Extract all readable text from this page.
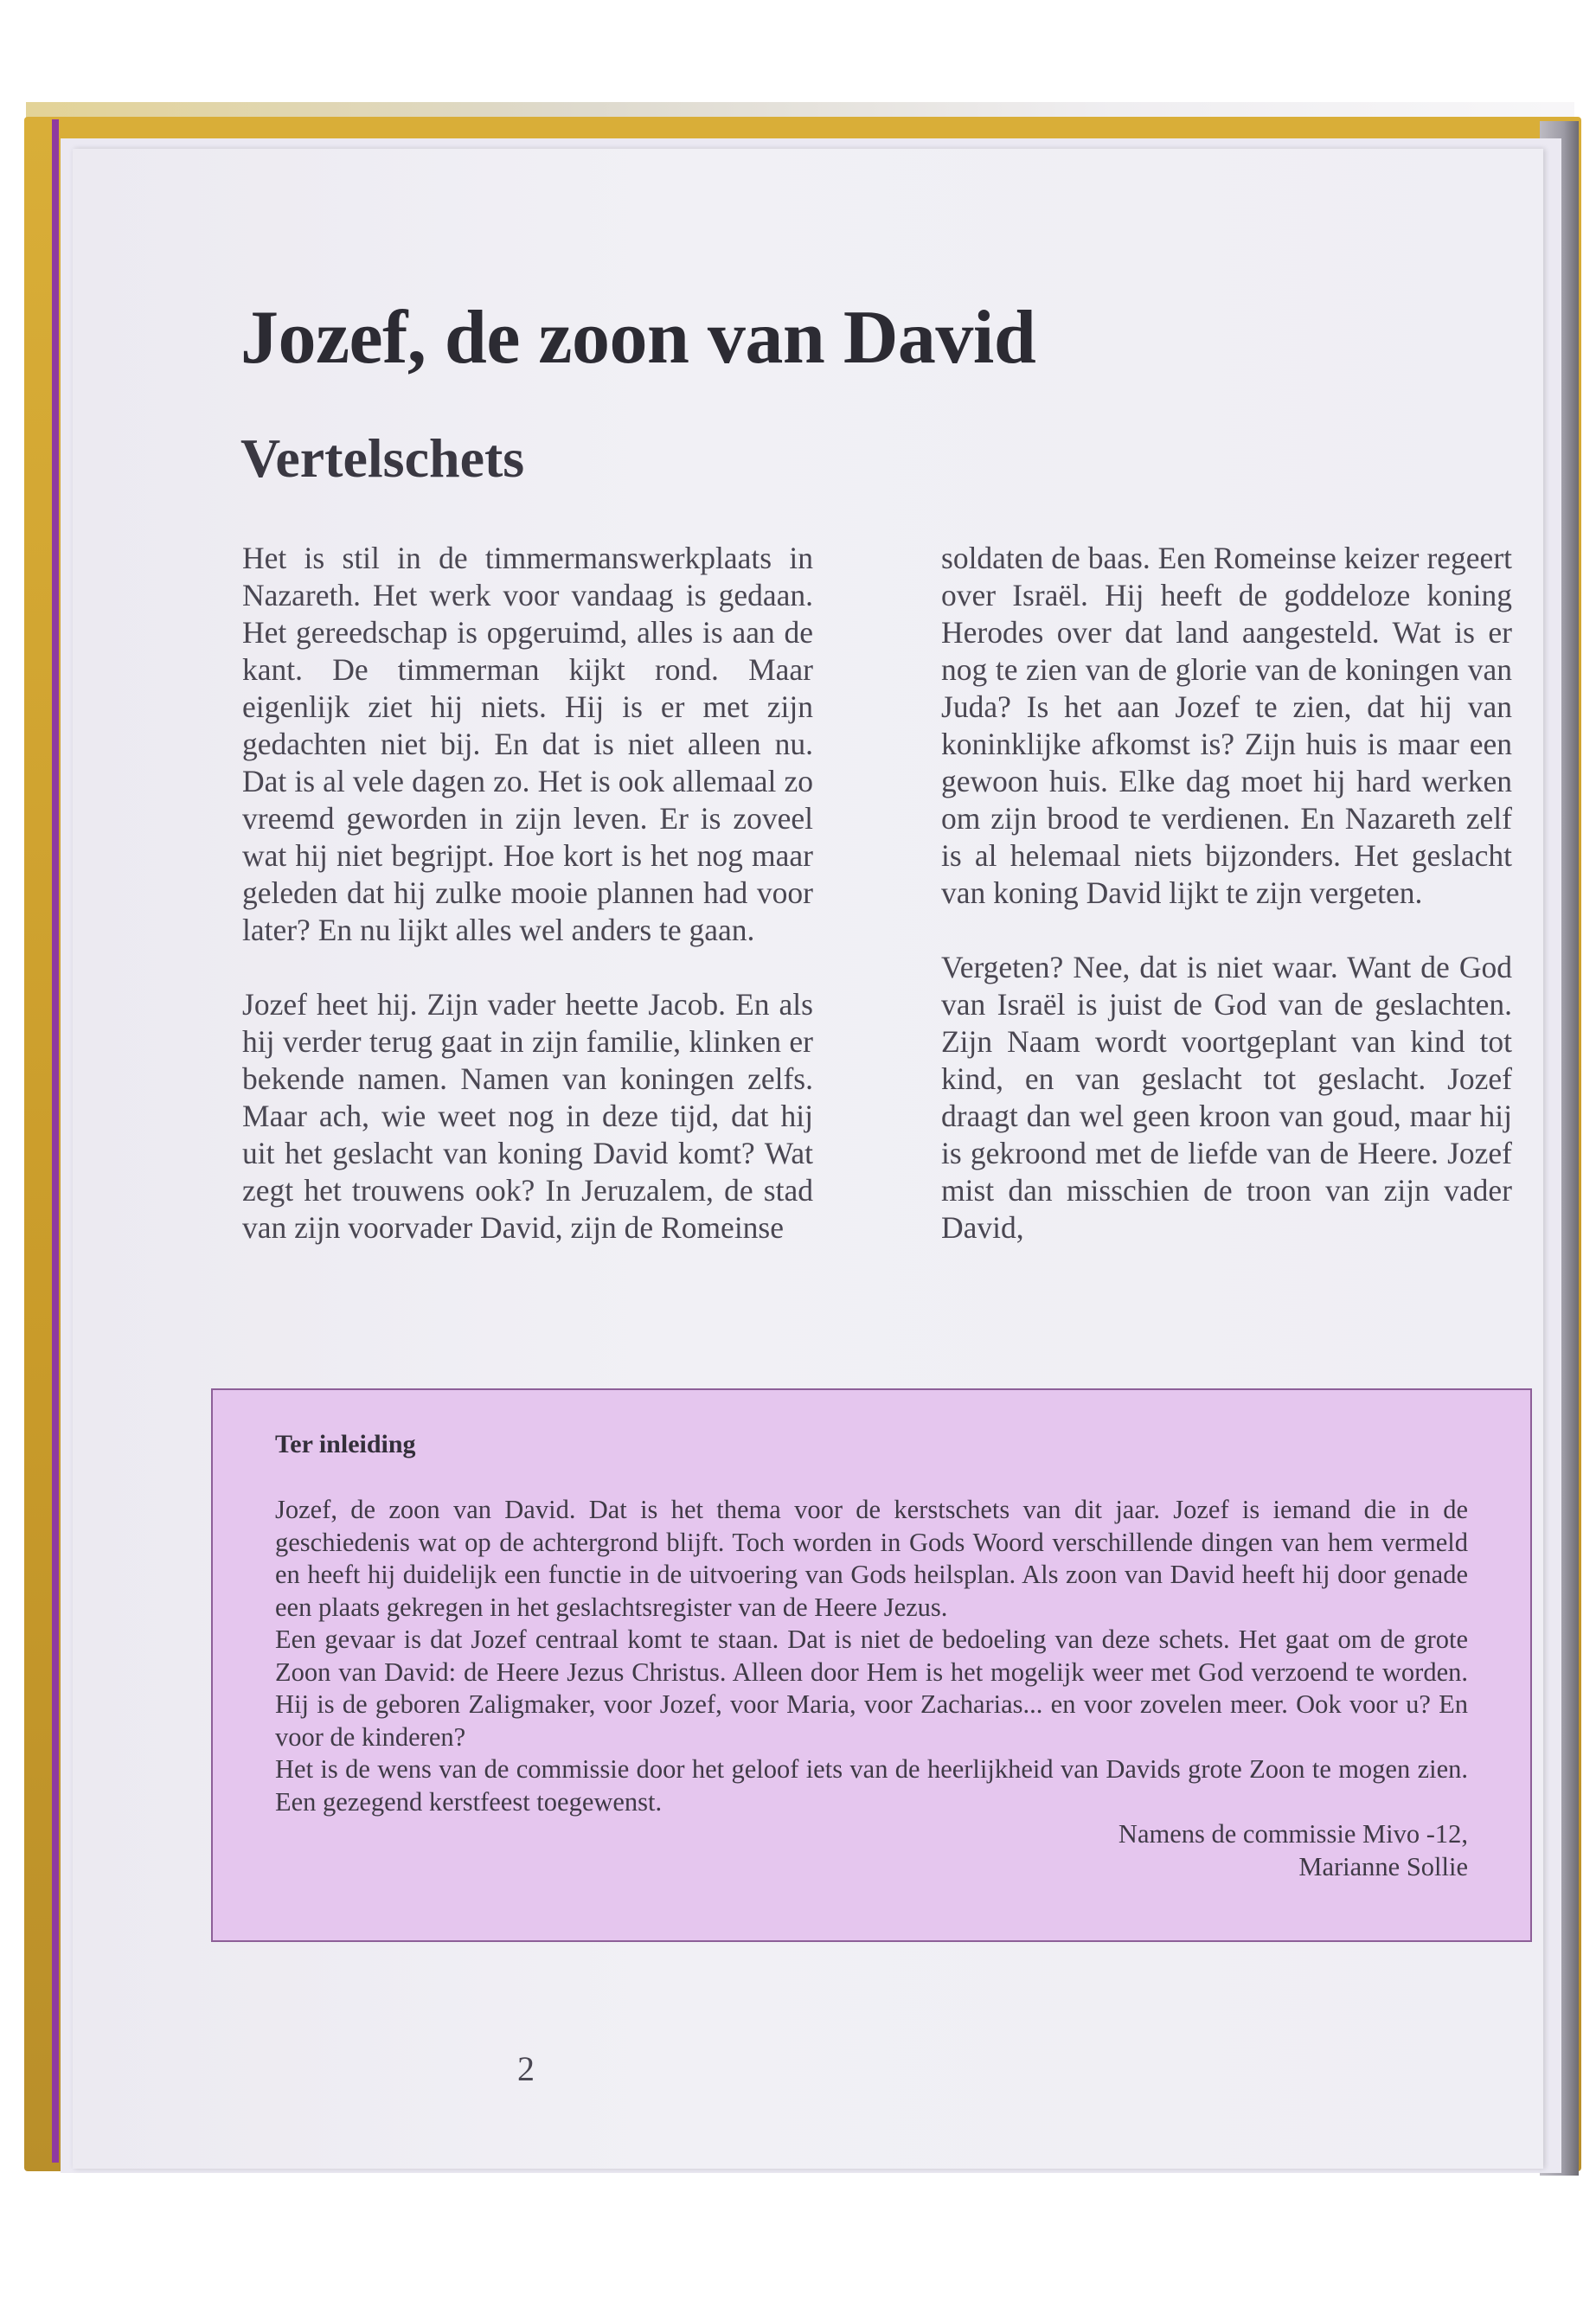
Jozef, de zoon van David
Vertelschets

Het is stil in de timmermanswerkplaats in Nazareth. Het werk voor vandaag is gedaan. Het gereedschap is opgeruimd, alles is aan de kant. De timmerman kijkt rond. Maar eigenlijk ziet hij niets. Hij is er met zijn gedachten niet bij. En dat is niet alleen nu. Dat is al vele dagen zo. Het is ook allemaal zo vreemd geworden in zijn leven. Er is zoveel wat hij niet begrijpt. Hoe kort is het nog maar geleden dat hij zulke mooie plannen had voor later? En nu lijkt alles wel anders te gaan.

Jozef heet hij. Zijn vader heette Jacob. En als hij verder terug gaat in zijn familie, klinken er bekende namen. Namen van koningen zelfs. Maar ach, wie weet nog in deze tijd, dat hij uit het geslacht van koning David komt? Wat zegt het trouwens ook? In Jeruzalem, de stad van zijn voorvader David, zijn de Romeinse

soldaten de baas. Een Romeinse keizer regeert over Israël. Hij heeft de goddeloze koning Herodes over dat land aangesteld. Wat is er nog te zien van de glorie van de koningen van Juda? Is het aan Jozef te zien, dat hij van koninklijke afkomst is? Zijn huis is maar een gewoon huis. Elke dag moet hij hard werken om zijn brood te verdienen. En Nazareth zelf is al helemaal niets bijzonders. Het geslacht van koning David lijkt te zijn vergeten.

Vergeten? Nee, dat is niet waar. Want de God van Israël is juist de God van de geslachten. Zijn Naam wordt voortgeplant van kind tot kind, en van geslacht tot geslacht. Jozef draagt dan wel geen kroon van goud, maar hij is gekroond met de liefde van de Heere. Jozef mist dan misschien de troon van zijn vader David,

Ter inleiding

Jozef, de zoon van David. Dat is het thema voor de kerstschets van dit jaar. Jozef is iemand die in de geschiedenis wat op de achtergrond blijft. Toch worden in Gods Woord verschillende dingen van hem vermeld en heeft hij duidelijk een functie in de uitvoering van Gods heilsplan. Als zoon van David heeft hij door genade een plaats gekregen in het geslachtsregister van de Heere Jezus.
Een gevaar is dat Jozef centraal komt te staan. Dat is niet de bedoeling van deze schets. Het gaat om de grote Zoon van David: de Heere Jezus Christus. Alleen door Hem is het mogelijk weer met God verzoend te worden. Hij is de geboren Zaligmaker, voor Jozef, voor Maria, voor Zacharias... en voor zovelen meer. Ook voor u? En voor de kinderen?
Het is de wens van de commissie door het geloof iets van de heerlijkheid van Davids grote Zoon te mogen zien. Een gezegend kerstfeest toegewenst.

Namens de commissie Mivo -12,

Marianne Sollie

2
